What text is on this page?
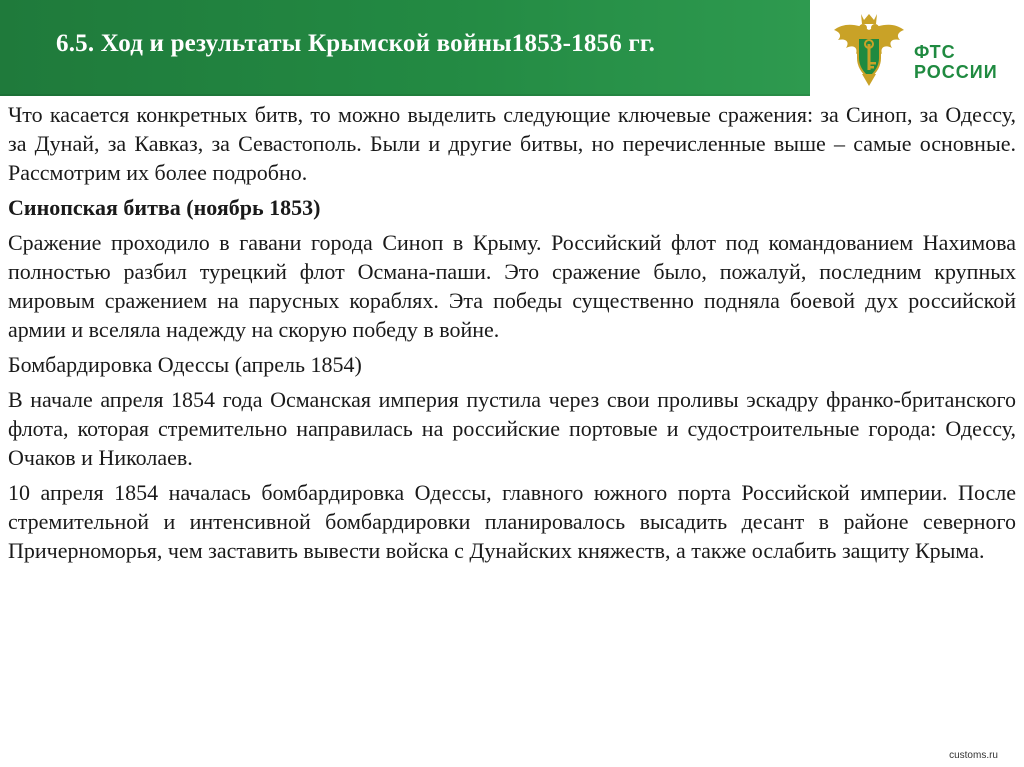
6.5. Ход и результаты Крымской войны1853-1856 гг.	ФТС
РОССИИ

Что касается конкретных битв, то можно выделить следующие ключевые сражения: за Синоп, за Одессу, за Дунай, за Кавказ, за Севастополь. Были и другие битвы, но перечисленные выше – самые основные. Рассмотрим их более подробно.

Синопская битва (ноябрь 1853)

Сражение проходило в гавани города Синоп в Крыму. Российский флот под командованием Нахимова полностью разбил турецкий флот Османа-паши. Это сражение было, пожалуй, последним крупных мировым сражением на парусных кораблях. Эта победы существенно подняла боевой дух российской армии и вселяла надежду на скорую победу в войне.

Бомбардировка Одессы (апрель 1854)

В начале апреля 1854 года Османская империя пустила через свои проливы эскадру франко-британского флота, которая стремительно направилась на российские портовые и судостроительные города: Одессу, Очаков и Николаев.

10 апреля 1854 началась бомбардировка Одессы, главного южного порта Российской империи. После стремительной и интенсивной бомбардировки планировалось высадить десант в районе северного Причерноморья, чем заставить вывести войска с Дунайских княжеств, а также ослабить защиту Крыма.

customs.ru
